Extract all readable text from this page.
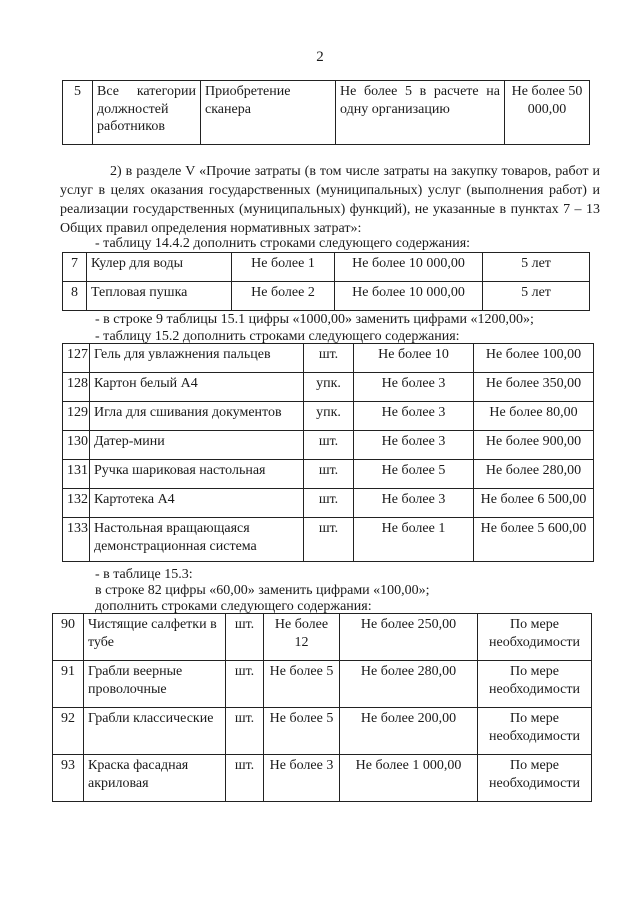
2
5	Все категории должностей работников	Приобретение сканера	Не более 5 в расчете на одну организацию	Не более 50 000,00
2) в разделе V «Прочие затраты (в том числе затраты на закупку товаров, работ и услуг в целях оказания государственных (муниципальных) услуг (выполнения работ) и реализации государственных (муниципальных) функций), не указанные в пунктах 7 – 13 Общих правил определения нормативных затрат»:
- таблицу 14.4.2 дополнить строками следующего содержания:
7	Кулер для воды	Не более 1	Не более 10 000,00	5 лет
8	Тепловая пушка	Не более 2	Не более 10 000,00	5 лет
- в строке 9 таблицы 15.1 цифры «1000,00» заменить цифрами «1200,00»;
- таблицу 15.2 дополнить строками следующего содержания:
127	Гель для увлажнения пальцев	шт.	Не более 10	Не более 100,00
128	Картон белый А4	упк.	Не более 3	Не более 350,00
129	Игла для сшивания документов	упк.	Не более 3	Не более 80,00
130	Датер-мини	шт.	Не более 3	Не более 900,00
131	Ручка шариковая настольная	шт.	Не более 5	Не более 280,00
132	Картотека А4	шт.	Не более 3	Не более 6 500,00
133	Настольная вращающаяся демонстрационная система	шт.	Не более 1	Не более 5 600,00
- в таблице 15.3:
в строке 82 цифры «60,00» заменить цифрами «100,00»;
дополнить строками следующего содержания:
90	Чистящие салфетки в тубе	шт.	Не более 12	Не более 250,00	По мере необходимости
91	Грабли веерные проволочные	шт.	Не более 5	Не более 280,00	По мере необходимости
92	Грабли классические	шт.	Не более 5	Не более 200,00	По мере необходимости
93	Краска фасадная акриловая	шт.	Не более 3	Не более 1 000,00	По мере необходимости
